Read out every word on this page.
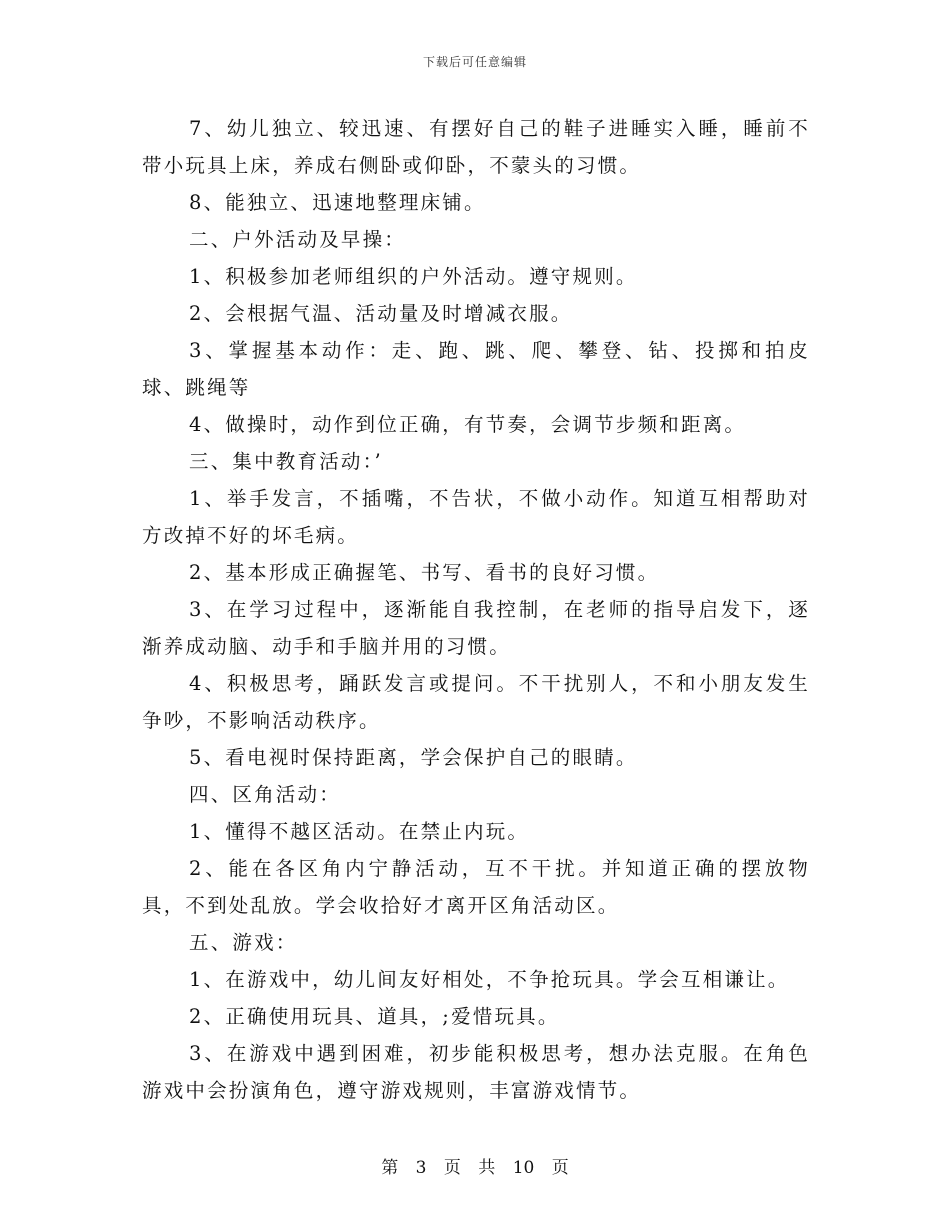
下载后可任意编辑

7、幼儿独立、较迅速、有摆好自己的鞋子进睡实入睡，睡前不带小玩具上床，养成右侧卧或仰卧，不蒙头的习惯。

8、能独立、迅速地整理床铺。

二、户外活动及早操：

1、积极参加老师组织的户外活动。遵守规则。

2、会根据气温、活动量及时增减衣服。

3、掌握基本动作：走、跑、跳、爬、攀登、钻、投掷和拍皮球、跳绳等

4、做操时，动作到位正确，有节奏，会调节步频和距离。

三、集中教育活动：’

1、举手发言，不插嘴，不告状，不做小动作。知道互相帮助对方改掉不好的坏毛病。

2、基本形成正确握笔、书写、看书的良好习惯。

3、在学习过程中，逐渐能自我控制，在老师的指导启发下，逐渐养成动脑、动手和手脑并用的习惯。

4、积极思考，踊跃发言或提问。不干扰别人，不和小朋友发生争吵，不影响活动秩序。

5、看电视时保持距离，学会保护自己的眼睛。

四、区角活动：

1、懂得不越区活动。在禁止内玩。

2、能在各区角内宁静活动，互不干扰。并知道正确的摆放物具，不到处乱放。学会收拾好才离开区角活动区。

五、游戏：

1、在游戏中，幼儿间友好相处，不争抢玩具。学会互相谦让。

2、正确使用玩具、道具，;爱惜玩具。

3、在游戏中遇到困难，初步能积极思考，想办法克服。在角色游戏中会扮演角色，遵守游戏规则，丰富游戏情节。

第 3 页 共 10 页
